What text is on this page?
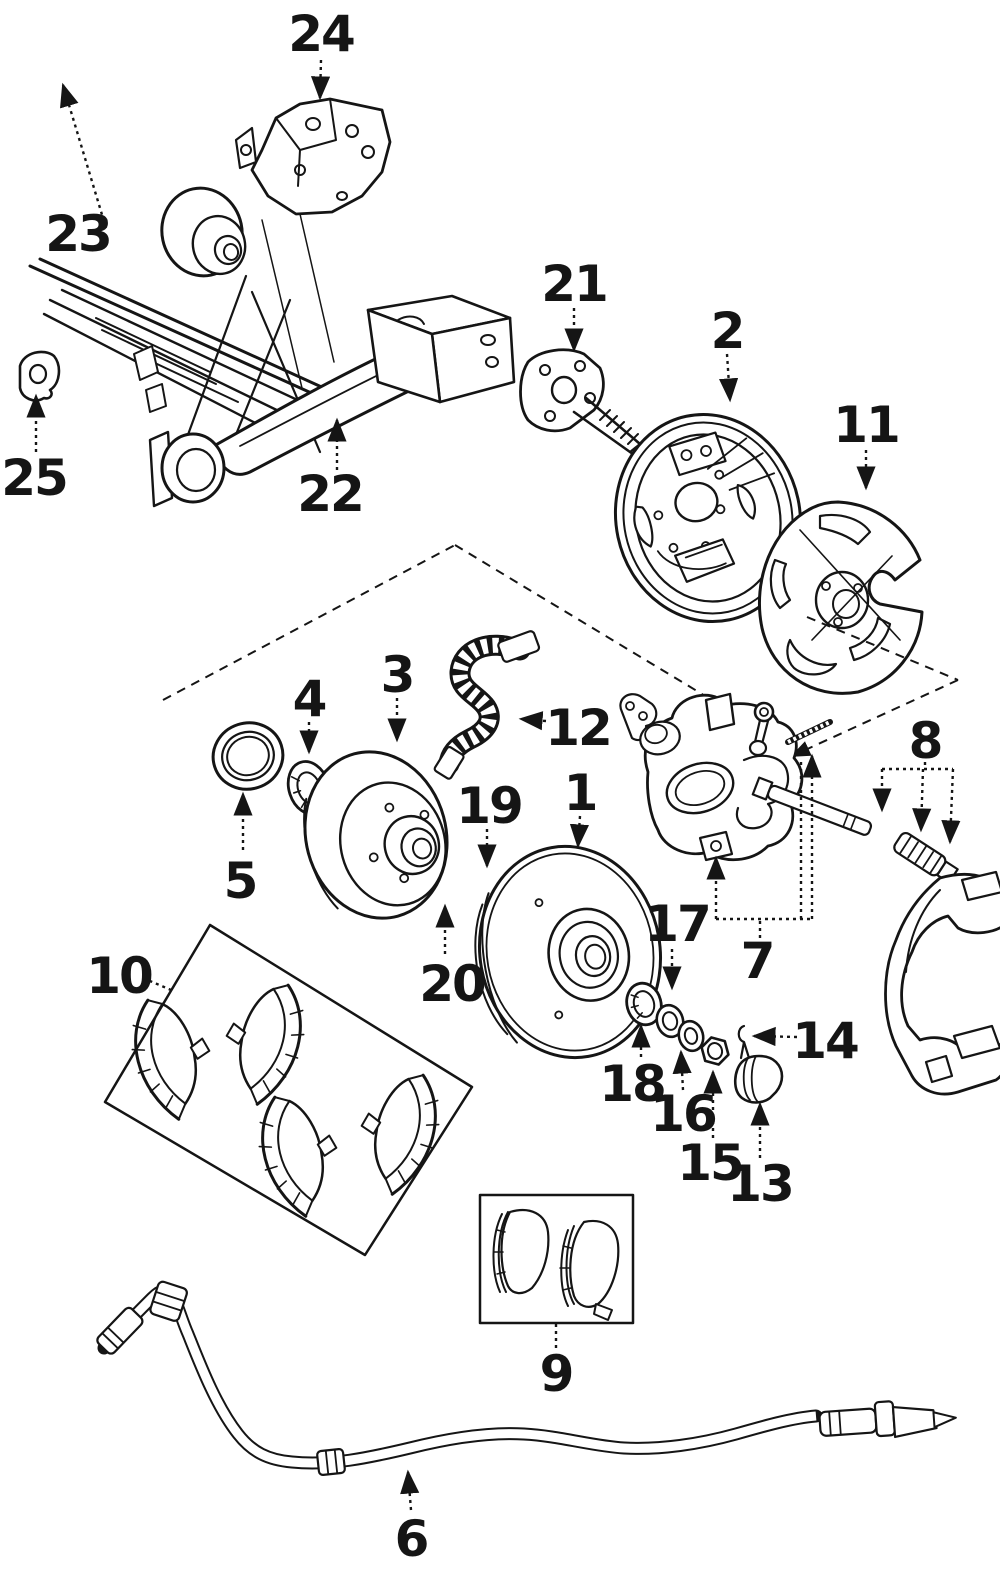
1
2
3
4
5
6
7
8
9
10
11
12
13
14
15
16
17
18
19
20
21
22
23
24
25
